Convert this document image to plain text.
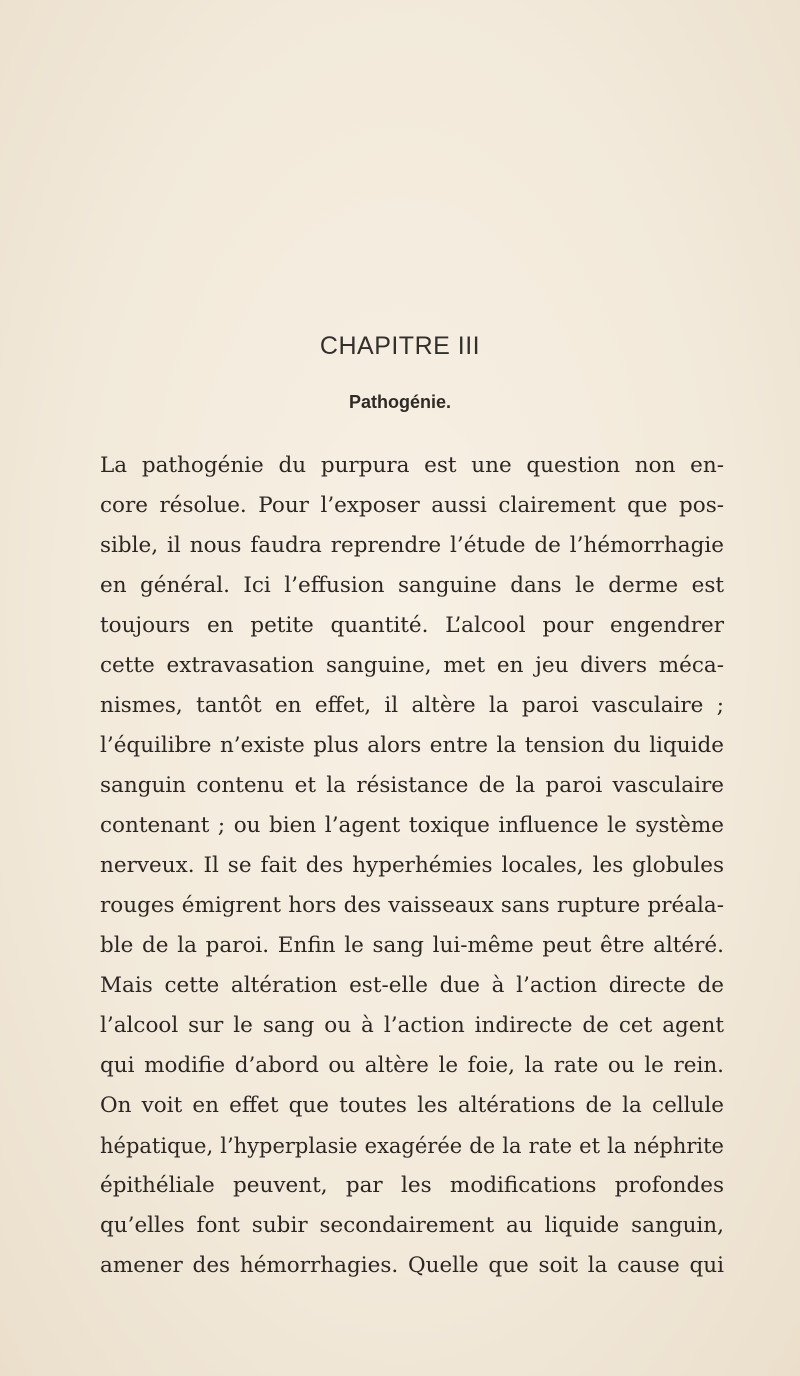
CHAPITRE III
Pathogénie.
La pathogénie du purpura est une question non en-
core résolue. Pour l’exposer aussi clairement que pos-
sible, il nous faudra reprendre l’étude de l’hémorrhagie
en général. Ici l’effusion sanguine dans le derme est
toujours en petite quantité. L’alcool pour engendrer
cette extravasation sanguine, met en jeu divers méca-
nismes, tantôt en effet, il altère la paroi vasculaire ;
l’équilibre n’existe plus alors entre la tension du liquide
sanguin contenu et la résistance de la paroi vasculaire
contenant ; ou bien l’agent toxique influence le système
nerveux. Il se fait des hyperhémies locales, les globules
rouges émigrent hors des vaisseaux sans rupture préala-
ble de la paroi. Enfin le sang lui-même peut être altéré.
Mais cette altération est-elle due à l’action directe de
l’alcool sur le sang ou à l’action indirecte de cet agent
qui modifie d’abord ou altère le foie, la rate ou le rein.
On voit en effet que toutes les altérations de la cellule
hépatique, l’hyperplasie exagérée de la rate et la néphrite
épithéliale peuvent, par les modifications profondes
qu’elles font subir secondairement au liquide sanguin,
amener des hémorrhagies. Quelle que soit la cause qui
